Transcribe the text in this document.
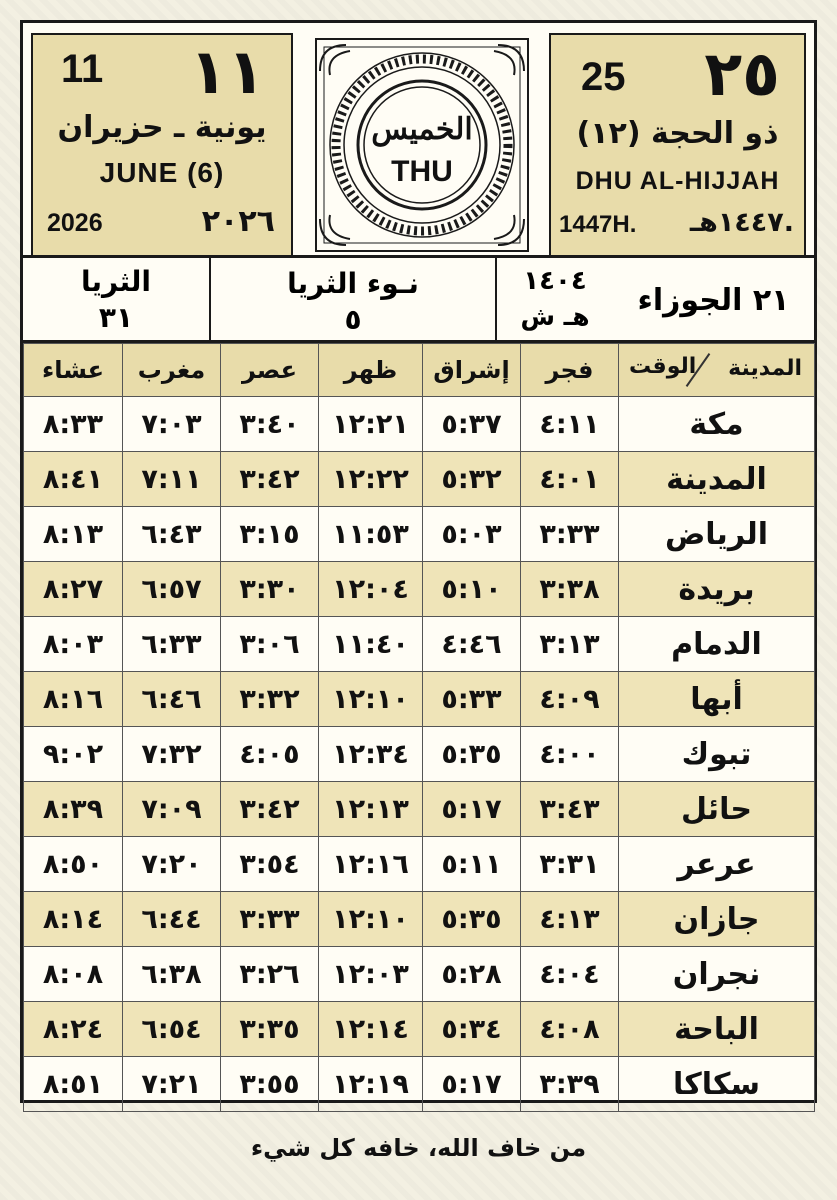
11 ١١
يونية ـ حزيران
JUNE (6)
2026	٢٠٢٦
الخميس
THU
25 ٢٥
ذو الحجة (١٢)
DHU AL-HIJJAH
1447H. ١٤٤٧هـ.
الثريا
٣١
نـوء الثريا
٥
١٤٠٤
هـ ش	٢١ الجوزاء
المدينة
الوقت	فجر	إشراق	ظهر	عصر	مغرب	عشاء
مكة	٤:١١	٥:٣٧	١٢:٢١	٣:٤٠	٧:٠٣	٨:٣٣
المدينة	٤:٠١	٥:٣٢	١٢:٢٢	٣:٤٢	٧:١١	٨:٤١
الرياض	٣:٣٣	٥:٠٣	١١:٥٣	٣:١٥	٦:٤٣	٨:١٣
بريدة	٣:٣٨	٥:١٠	١٢:٠٤	٣:٣٠	٦:٥٧	٨:٢٧
الدمام	٣:١٣	٤:٤٦	١١:٤٠	٣:٠٦	٦:٣٣	٨:٠٣
أبها	٤:٠٩	٥:٣٣	١٢:١٠	٣:٣٢	٦:٤٦	٨:١٦
تبوك	٤:٠٠	٥:٣٥	١٢:٣٤	٤:٠٥	٧:٣٢	٩:٠٢
حائل	٣:٤٣	٥:١٧	١٢:١٣	٣:٤٢	٧:٠٩	٨:٣٩
عرعر	٣:٣١	٥:١١	١٢:١٦	٣:٥٤	٧:٢٠	٨:٥٠
جازان	٤:١٣	٥:٣٥	١٢:١٠	٣:٣٣	٦:٤٤	٨:١٤
نجران	٤:٠٤	٥:٢٨	١٢:٠٣	٣:٢٦	٦:٣٨	٨:٠٨
الباحة	٤:٠٨	٥:٣٤	١٢:١٤	٣:٣٥	٦:٥٤	٨:٢٤
سكاكا	٣:٣٩	٥:١٧	١٢:١٩	٣:٥٥	٧:٢١	٨:٥١
من خاف الله، خافه كل شيء
